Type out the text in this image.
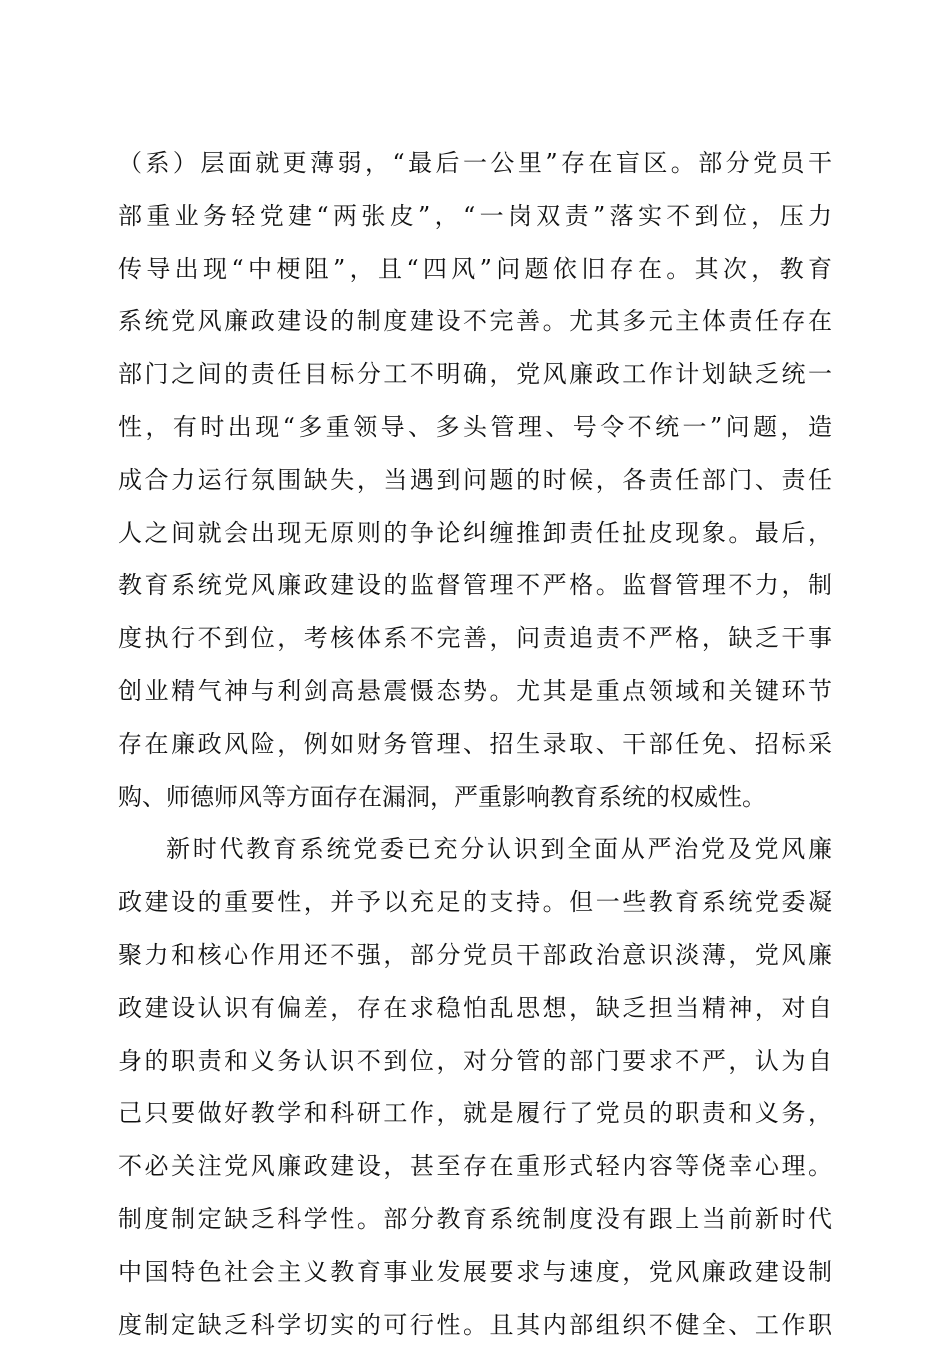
（系）层面就更薄弱，“最后一公里”存在盲区。部分党员干
部重业务轻党建“两张皮”，“一岗双责”落实不到位，压力
传导出现“中梗阻”，且“四风”问题依旧存在。其次，教育
系统党风廉政建设的制度建设不完善。尤其多元主体责任存在
部门之间的责任目标分工不明确，党风廉政工作计划缺乏统一
性，有时出现“多重领导、多头管理、号令不统一”问题，造
成合力运行氛围缺失，当遇到问题的时候，各责任部门、责任
人之间就会出现无原则的争论纠缠推卸责任扯皮现象。最后，
教育系统党风廉政建设的监督管理不严格。监督管理不力，制
度执行不到位，考核体系不完善，问责追责不严格，缺乏干事
创业精气神与利剑高悬震慑态势。尤其是重点领域和关键环节
存在廉政风险，例如财务管理、招生录取、干部任免、招标采
购、师德师风等方面存在漏洞，严重影响教育系统的权威性。
新时代教育系统党委已充分认识到全面从严治党及党风廉
政建设的重要性，并予以充足的支持。但一些教育系统党委凝
聚力和核心作用还不强，部分党员干部政治意识淡薄，党风廉
政建设认识有偏差，存在求稳怕乱思想，缺乏担当精神，对自
身的职责和义务认识不到位，对分管的部门要求不严，认为自
己只要做好教学和科研工作，就是履行了党员的职责和义务，
不必关注党风廉政建设，甚至存在重形式轻内容等侥幸心理。
制度制定缺乏科学性。部分教育系统制度没有跟上当前新时代
中国特色社会主义教育事业发展要求与速度，党风廉政建设制
度制定缺乏科学切实的可行性。且其内部组织不健全、工作职
